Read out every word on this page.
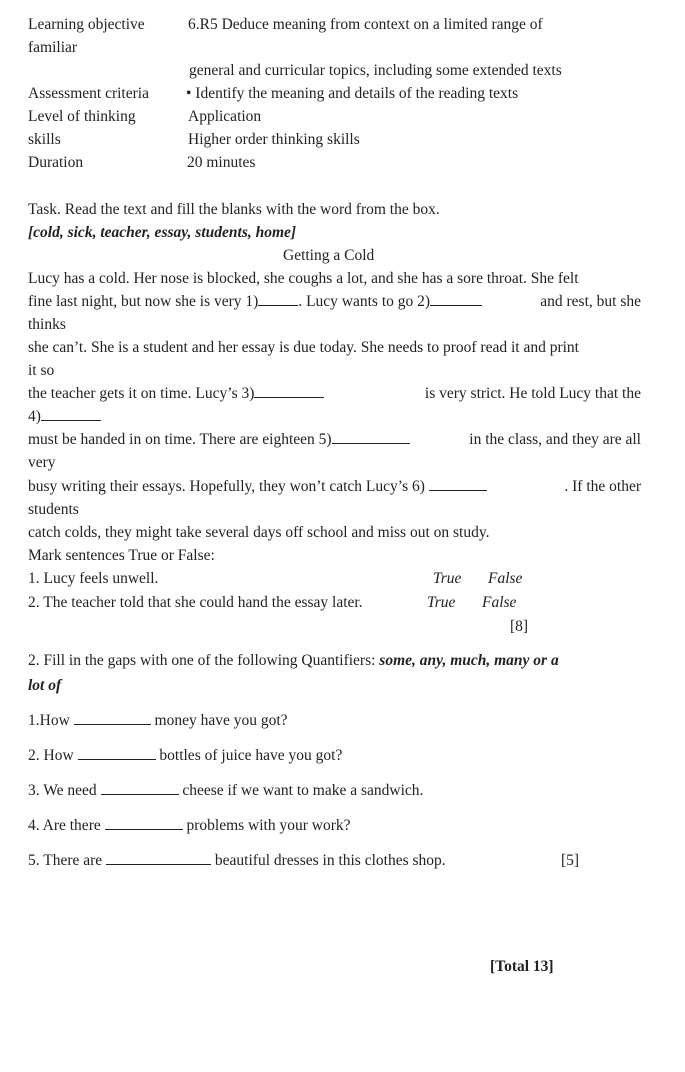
Learning objective	6.R5 Deduce meaning from context on a limited range of
familiar
general and curricular topics, including some extended texts
Assessment criteria • Identify the meaning and details of the reading texts
Level of thinking	Application
skills	Higher order thinking skills
Duration	20 minutes
Task. Read the text and fill the blanks with the word from the box.
[cold, sick, teacher, essay, students, home]
Getting a Cold
Lucy has a cold. Her nose is blocked, she coughs a lot, and she has a sore throat. She felt
fine last night, but now she is very 1)	. Lucy wants to go 2)	and rest, but she
thinks
she can’t. She is a student and her essay is due today. She needs to proof read it and print
it so
the teacher gets it on time. Lucy’s 3)	is very strict. He told Lucy that the
4)
must be handed in on time. There are eighteen 5)	in the class, and they are all
very
busy writing their essays. Hopefully, they won’t catch Lucy’s 6)	. If the other
students
catch colds, they might take several days off school and miss out on study.
Mark sentences True or False:
1. Lucy feels unwell.	True False
2. The teacher told that she could hand the essay later.	True False
[8]
2. Fill in the gaps with one of the following Quantifiers: some, any, much, many or a
lot of
1.How	money have you got?
2. How	bottles of juice have you got?
3. We need	cheese if we want to make a sandwich.
4. Are there	problems with your work?
5. There are	beautiful dresses in this clothes shop.	[5]
[Total 13]
